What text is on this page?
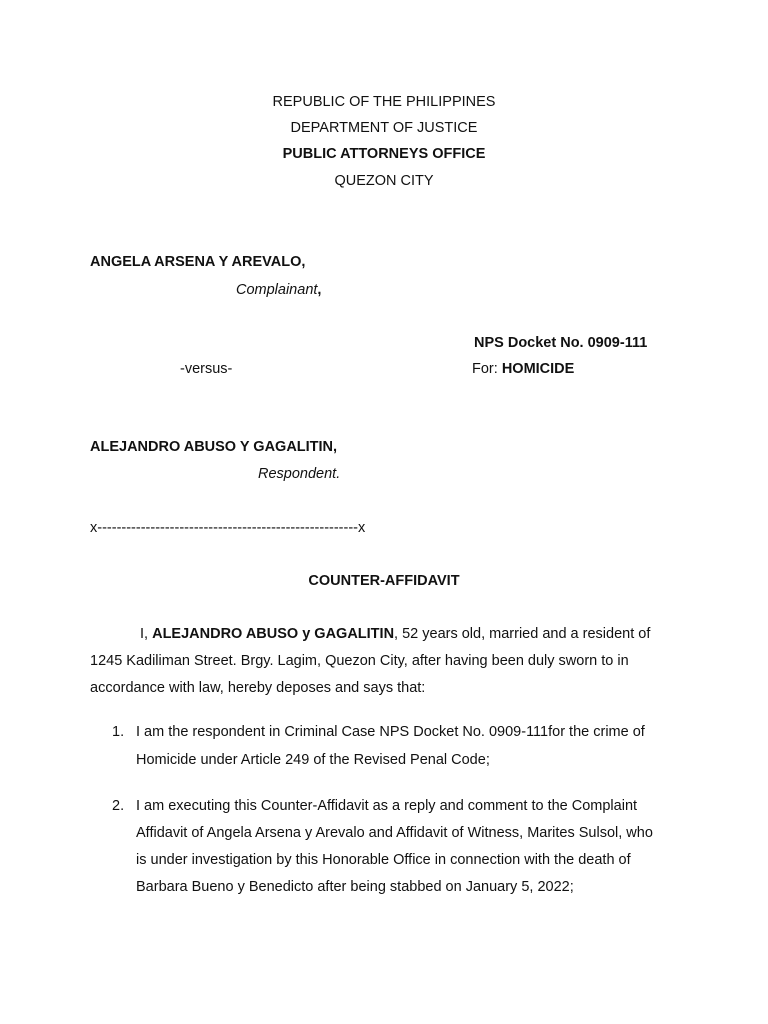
REPUBLIC OF THE PHILIPPINES
DEPARTMENT OF JUSTICE
PUBLIC ATTORNEYS OFFICE
QUEZON CITY
ANGELA ARSENA Y AREVALO,
Complainant,
NPS Docket No. 0909-111
-versus-	For: HOMICIDE
ALEJANDRO ABUSO Y GAGALITIN,
Respondent.
x------------------------------------------------------x
COUNTER-AFFIDAVIT
I, ALEJANDRO ABUSO y GAGALITIN, 52 years old, married and a resident of
1245 Kadiliman Street. Brgy. Lagim, Quezon City, after having been duly sworn to in
accordance with law, hereby deposes and says that:
1. I am the respondent in Criminal Case NPS Docket No. 0909-111for the crime of
Homicide under Article 249 of the Revised Penal Code;
2. I am executing this Counter-Affidavit as a reply and comment to the Complaint
Affidavit of Angela Arsena y Arevalo and Affidavit of Witness, Marites Sulsol, who
is under investigation by this Honorable Office in connection with the death of
Barbara Bueno y Benedicto after being stabbed on January 5, 2022;
